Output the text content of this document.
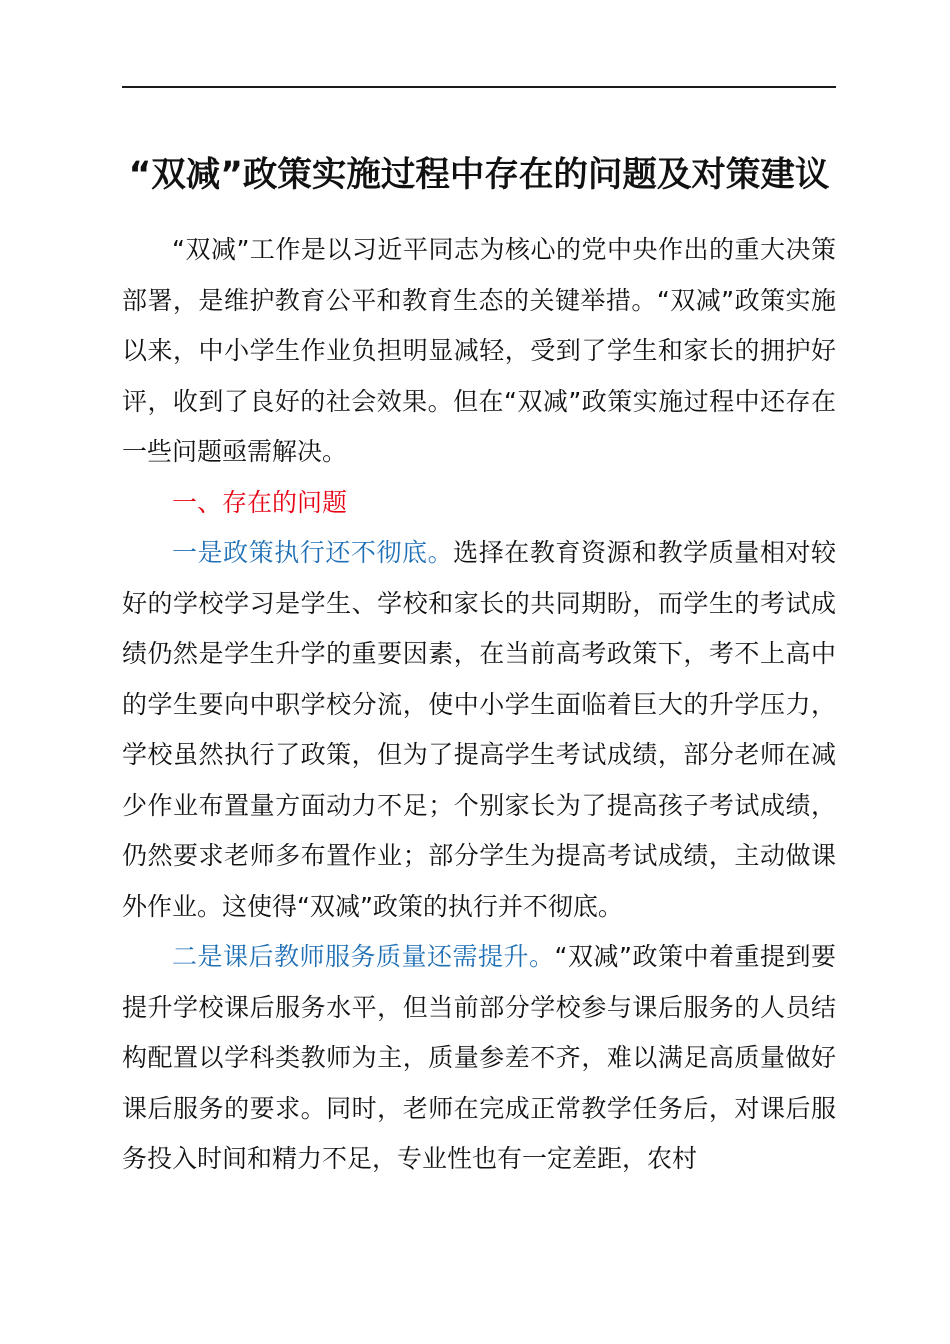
“双减”政策实施过程中存在的问题及对策建议

“双减”工作是以习近平同志为核心的党中央作出的重大决策部署，是维护教育公平和教育生态的关键举措。“双减”政策实施以来，中小学生作业负担明显减轻，受到了学生和家长的拥护好评，收到了良好的社会效果。但在“双减”政策实施过程中还存在一些问题亟需解决。

一、存在的问题

一是政策执行还不彻底。选择在教育资源和教学质量相对较好的学校学习是学生、学校和家长的共同期盼，而学生的考试成绩仍然是学生升学的重要因素，在当前高考政策下，考不上高中的学生要向中职学校分流，使中小学生面临着巨大的升学压力，学校虽然执行了政策，但为了提高学生考试成绩，部分老师在减少作业布置量方面动力不足；个别家长为了提高孩子考试成绩，仍然要求老师多布置作业；部分学生为提高考试成绩，主动做课外作业。这使得“双减”政策的执行并不彻底。

二是课后教师服务质量还需提升。“双减”政策中着重提到要提升学校课后服务水平，但当前部分学校参与课后服务的人员结构配置以学科类教师为主，质量参差不齐，难以满足高质量做好课后服务的要求。同时，老师在完成正常教学任务后，对课后服务投入时间和精力不足，专业性也有一定差距，农村
